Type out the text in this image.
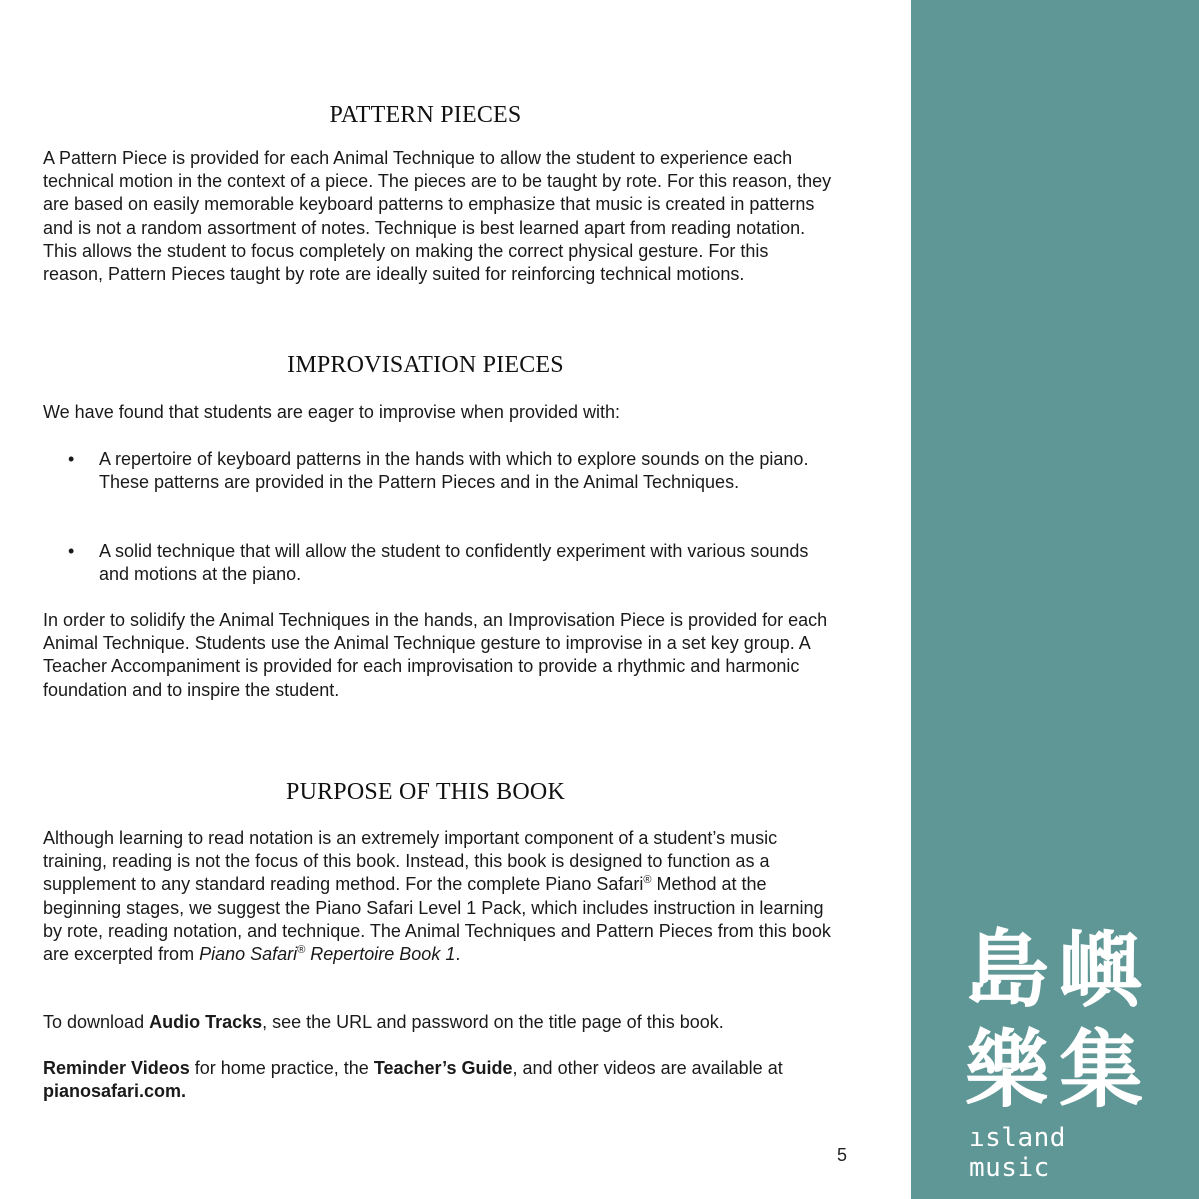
PATTERN PIECES

A Pattern Piece is provided for each Animal Technique to allow the student to experience each technical motion in the context of a piece. The pieces are to be taught by rote. For this reason, they are based on easily memorable keyboard patterns to emphasize that music is created in patterns and is not a random assortment of notes. Technique is best learned apart from reading notation. This allows the student to focus completely on making the correct physical gesture. For this reason, Pattern Pieces taught by rote are ideally suited for reinforcing technical motions.

IMPROVISATION PIECES

We have found that students are eager to improvise when provided with:

• A repertoire of keyboard patterns in the hands with which to explore sounds on the piano. These patterns are provided in the Pattern Pieces and in the Animal Techniques.
• A solid technique that will allow the student to confidently experiment with various sounds and motions at the piano.

In order to solidify the Animal Techniques in the hands, an Improvisation Piece is provided for each Animal Technique. Students use the Animal Technique gesture to improvise in a set key group. A Teacher Accompaniment is provided for each improvisation to provide a rhythmic and harmonic foundation and to inspire the student.

PURPOSE OF THIS BOOK

Although learning to read notation is an extremely important component of a student’s music training, reading is not the focus of this book. Instead, this book is designed to function as a supplement to any standard reading method. For the complete Piano Safari® Method at the beginning stages, we suggest the Piano Safari Level 1 Pack, which includes instruction in learning by rote, reading notation, and technique. The Animal Techniques and Pattern Pieces from this book are excerpted from Piano Safari® Repertoire Book 1.

To download Audio Tracks, see the URL and password on the title page of this book.

Reminder Videos for home practice, the Teacher’s Guide, and other videos are available at pianosafari.com.

5
島 嶼
樂 集
ısland music
